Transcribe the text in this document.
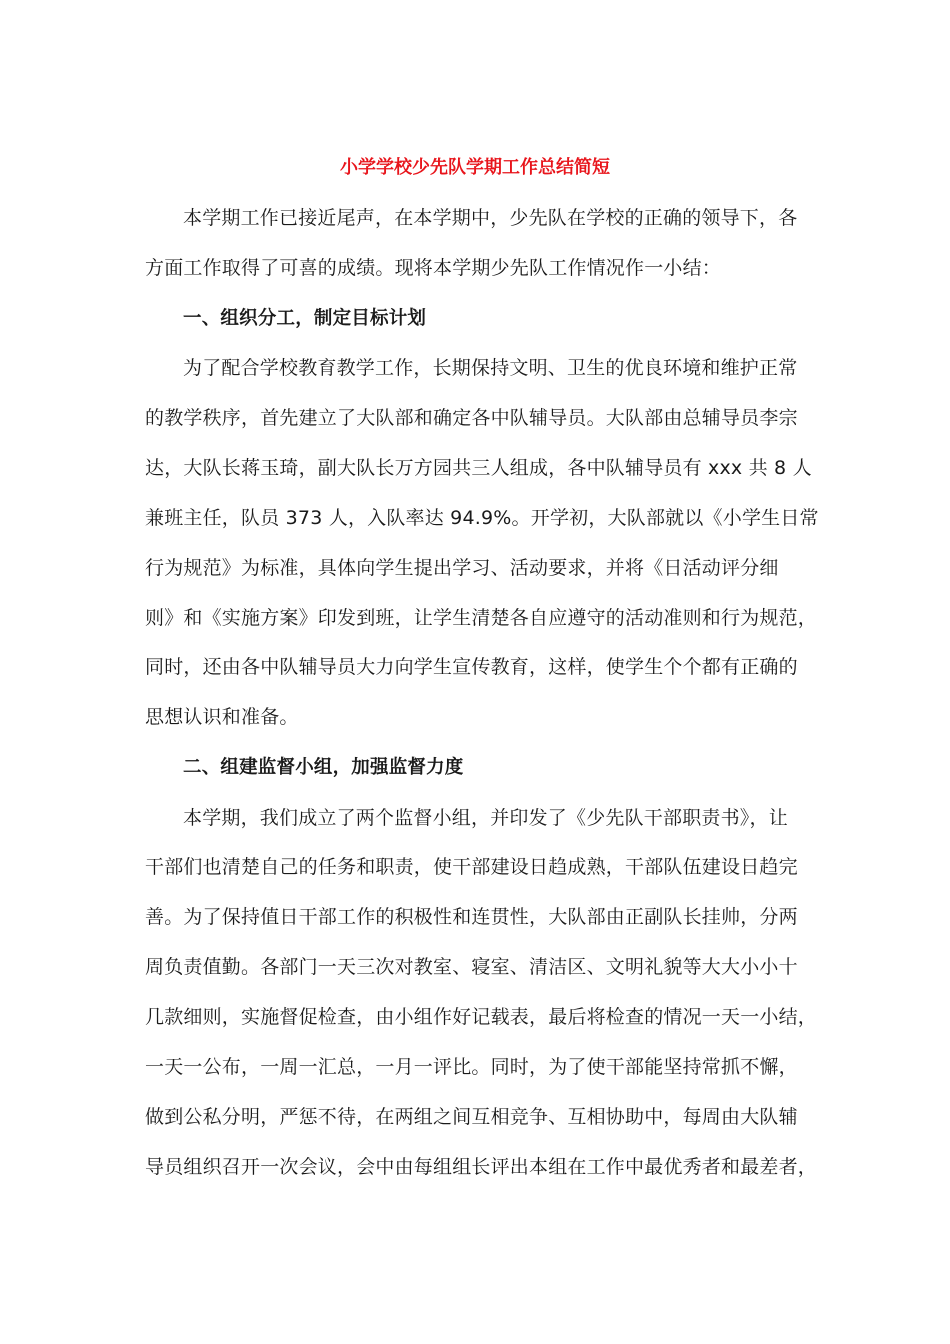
小学学校少先队学期工作总结简短
本学期工作已接近尾声，在本学期中，少先队在学校的正确的领导下，各
方面工作取得了可喜的成绩。现将本学期少先队工作情况作一小结：
一、组织分工，制定目标计划
为了配合学校教育教学工作，长期保持文明、卫生的优良环境和维护正常
的教学秩序，首先建立了大队部和确定各中队辅导员。大队部由总辅导员李宗
达，大队长蒋玉琦，副大队长万方园共三人组成，各中队辅导员有 xxx 共 8 人
兼班主任，队员 373 人，入队率达 94.9%。开学初，大队部就以《小学生日常
行为规范》为标准，具体向学生提出学习、活动要求，并将《日活动评分细
则》和《实施方案》印发到班，让学生清楚各自应遵守的活动准则和行为规范，
同时，还由各中队辅导员大力向学生宣传教育，这样，使学生个个都有正确的
思想认识和准备。
二、组建监督小组，加强监督力度
本学期，我们成立了两个监督小组，并印发了《少先队干部职责书》，让
干部们也清楚自己的任务和职责，使干部建设日趋成熟，干部队伍建设日趋完
善。为了保持值日干部工作的积极性和连贯性，大队部由正副队长挂帅，分两
周负责值勤。各部门一天三次对教室、寝室、清洁区、文明礼貌等大大小小十
几款细则，实施督促检查，由小组作好记载表，最后将检查的情况一天一小结，
一天一公布，一周一汇总，一月一评比。同时，为了使干部能坚持常抓不懈，
做到公私分明，严惩不待，在两组之间互相竞争、互相协助中，每周由大队辅
导员组织召开一次会议，会中由每组组长评出本组在工作中最优秀者和最差者，
